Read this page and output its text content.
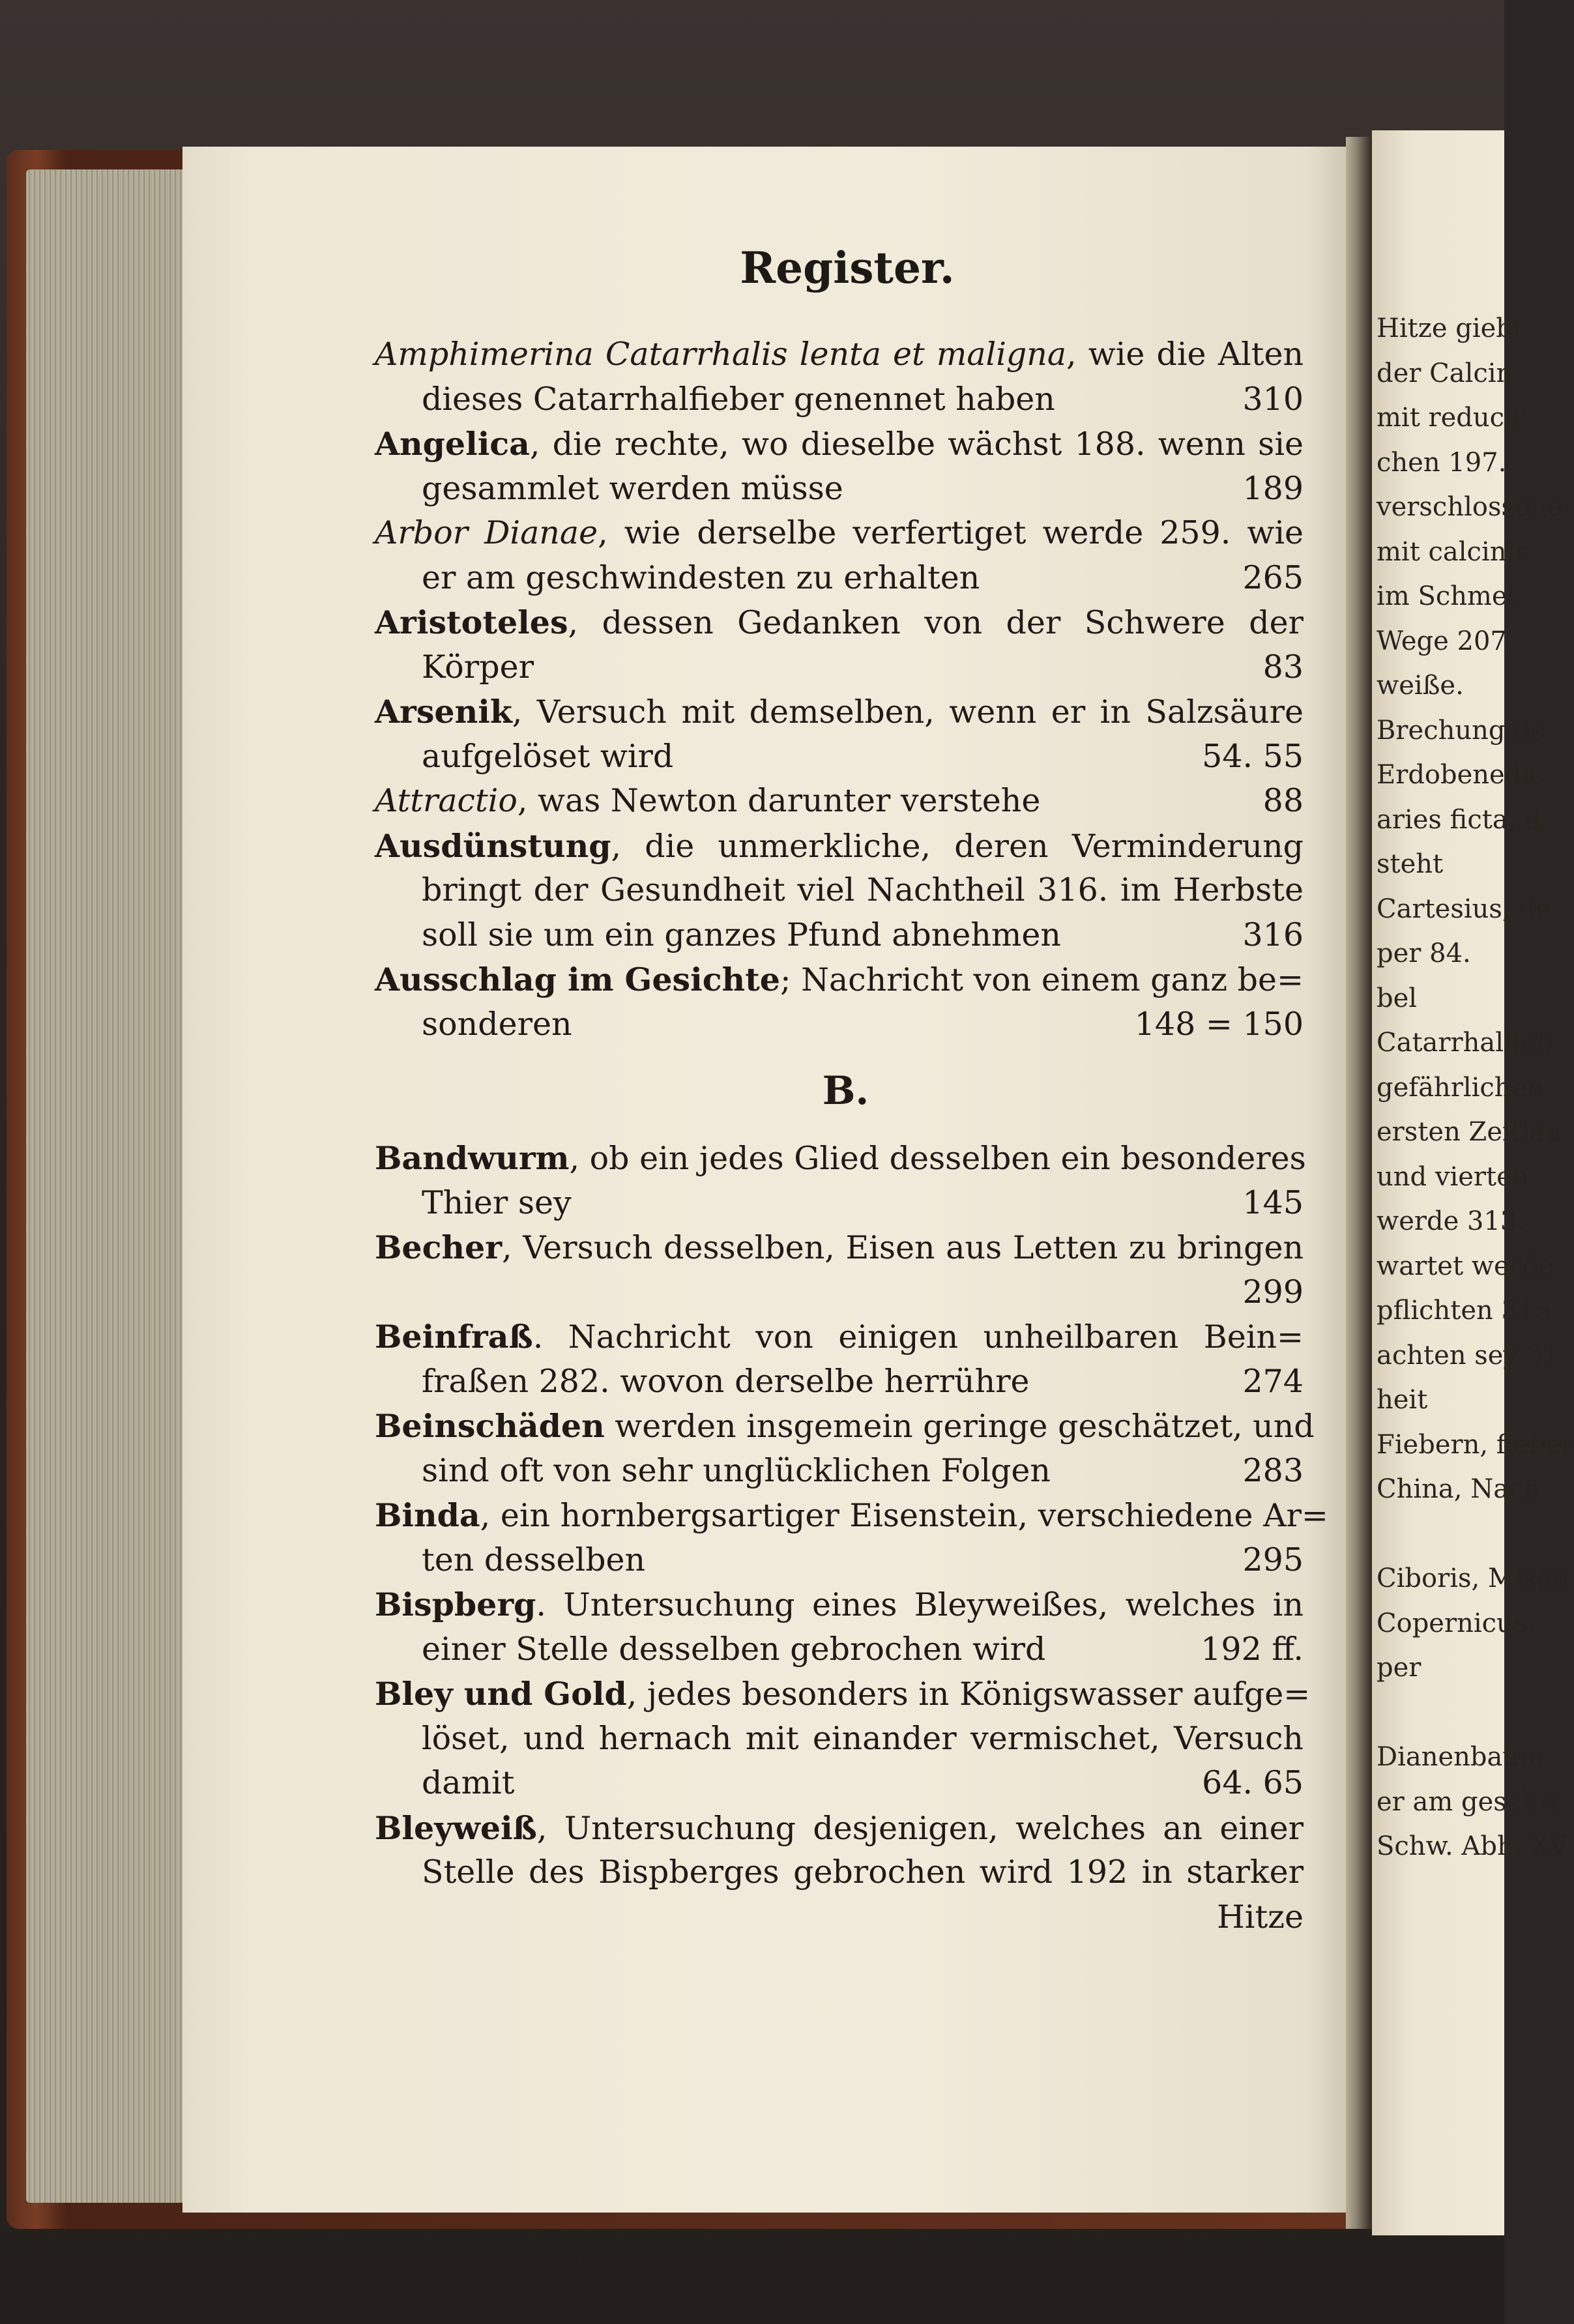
Register.
Amphimerina Catarrhalis lenta et maligna, wie die Alten
dieses Catarrhalfieber genennet haben	310
Angelica, die rechte, wo dieselbe wächst 188. wenn sie
gesammlet werden müsse	189
Arbor Dianae, wie derselbe verfertiget werde 259. wie
er am geschwindesten zu erhalten	265
Aristoteles, dessen Gedanken von der Schwere der
Körper	83
Arsenik, Versuch mit demselben, wenn er in Salzsäure
aufgelöset wird	54. 55
Attractio, was Newton darunter verstehe	88
Ausdünstung, die unmerkliche, deren Verminderung
bringt der Gesundheit viel Nachtheil 316. im Herbste
soll sie um ein ganzes Pfund abnehmen	316
Ausschlag im Gesichte; Nachricht von einem ganz be=
sonderen	148 = 150
B.
Bandwurm, ob ein jedes Glied desselben ein besonderes
Thier sey	145
Becher, Versuch desselben, Eisen aus Letten zu bringen
299
Beinfraß. Nachricht von einigen unheilbaren Bein=
fraßen 282. wovon derselbe herrühre	274
Beinschäden werden insgemein geringe geschätzet, und
sind oft von sehr unglücklichen Folgen	283
Binda, ein hornbergsartiger Eisenstein, verschiedene Ar=
ten desselben	295
Bispberg. Untersuchung eines Bleyweißes, welches in
einer Stelle desselben gebrochen wird	192 ff.
Bley und Gold, jedes besonders in Königswasser aufge=
löset, und hernach mit einander vermischet, Versuch
damit	64. 65
Bleyweiß, Untersuchung desjenigen, welches an einer
Stelle des Bispberges gebrochen wird 192 in starker
Hitze
Hitze giebt
der Calcin
mit reducir
chen 197.
verschlossene
mit calcinir
im Schmel
Wege 207.
weiße.
Brechung de
Erdobenedic
aries ficta, d
steht
Cartesius, de
per 84.
bel
Catarrhalfieb
gefährlichen
ersten Zeitlau
und vierten
werde 313.
wartet werde
pflichten 315
achten sey 31
heit
Fiebern, fieber
China, Nach
Ciboris, Misge
Copernicus,
per
Dianenbaum
er am geschw
Schw. Abh. XV
